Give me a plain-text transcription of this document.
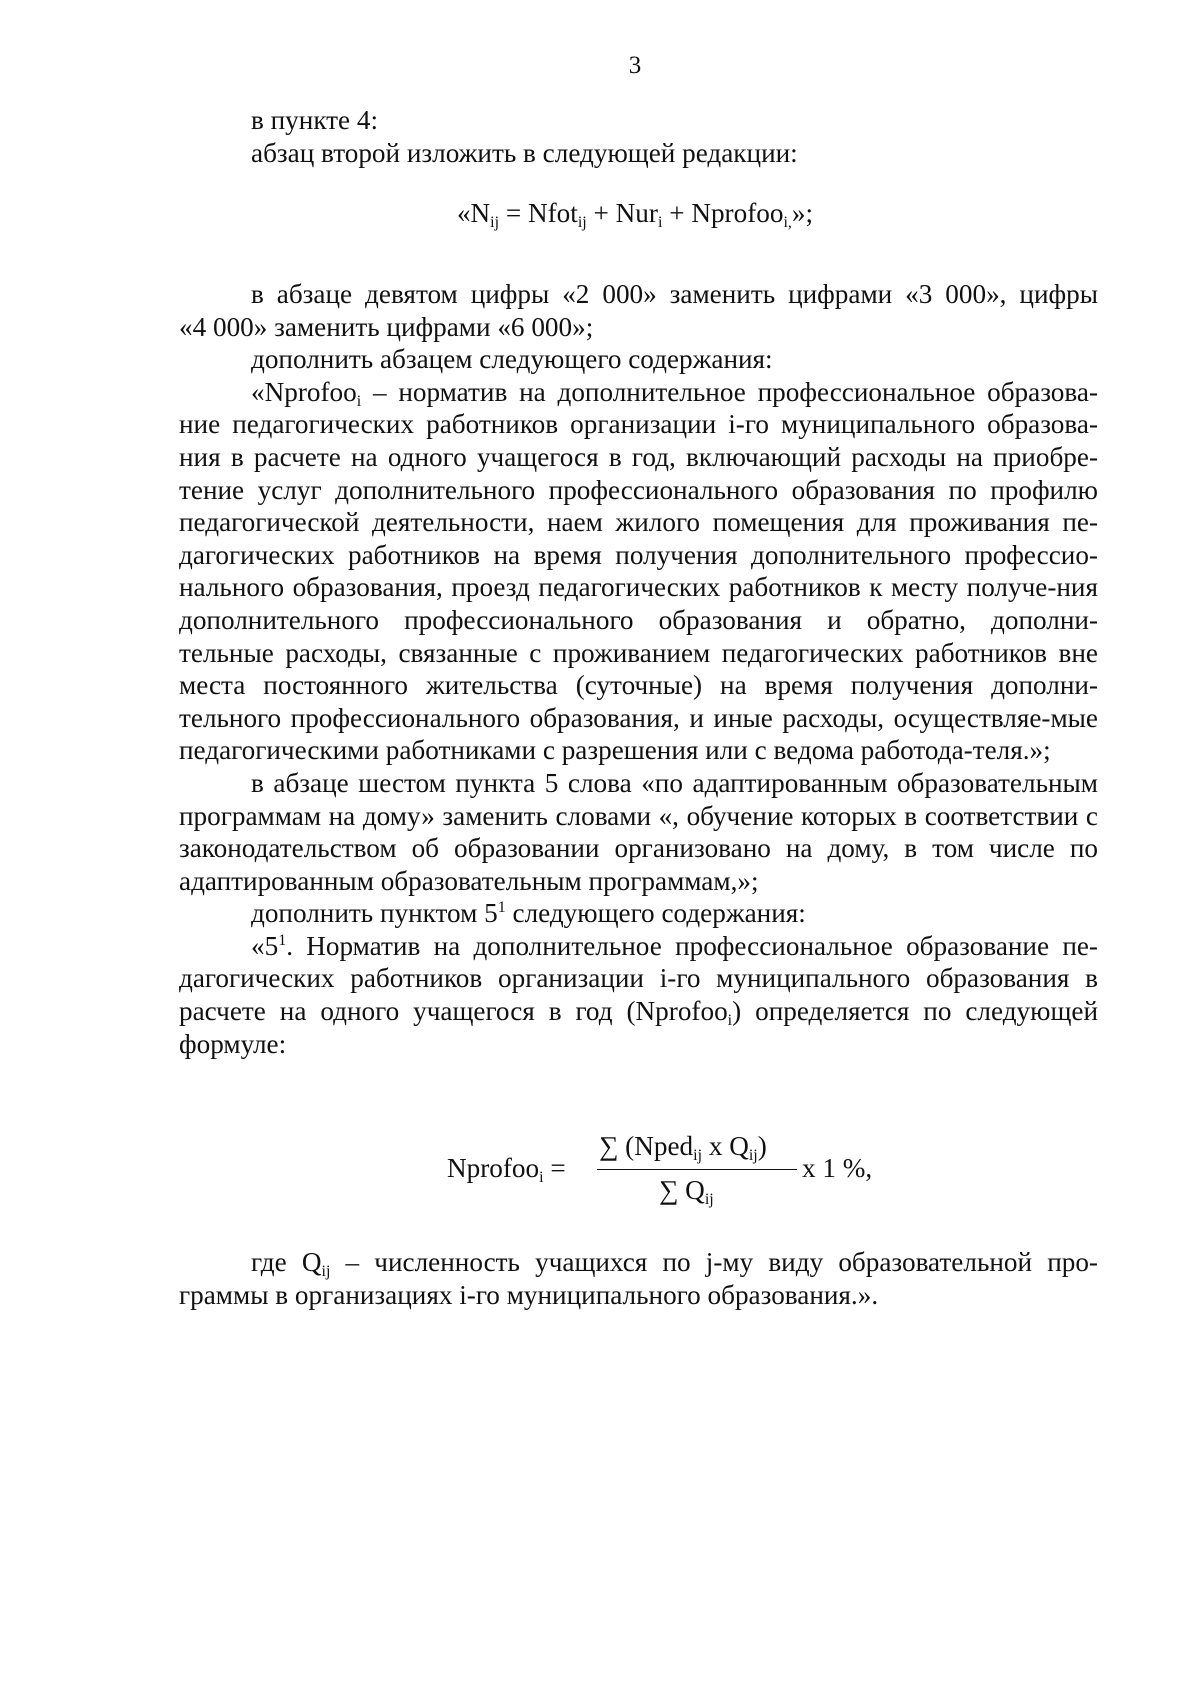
3

в пункте 4:

абзац второй изложить в следующей редакции:

«$N_{ij}$ = Nfot$_{ij}$ + Nur$_i$ + Nprofoo$_{i,}$»;

в абзаце девятом цифры «2 000» заменить цифрами «3 000», цифры

«4 000» заменить цифрами «6 000»;

дополнить абзацем следующего содержания:

«Nprofoo$_i$ – норматив на дополнительное профессиональное образова-ние педагогических работников организации i-го муниципального образова-ния в расчете на одного учащегося в год, включающий расходы на приобре-тение услуг дополнительного профессионального образования по профилю педагогической деятельности, наем жилого помещения для проживания пе-дагогических работников на время получения дополнительного профессио-нального образования, проезд педагогических работников к месту получе-ния дополнительного профессионального образования и обратно, дополни-тельные расходы, связанные с проживанием педагогических работников вне места постоянного жительства (суточные) на время получения дополни-тельного профессионального образования, и иные расходы, осуществляе-мые педагогическими работниками с разрешения или с ведома работода-теля.»;

в абзаце шестом пункта 5 слова «по адаптированным образовательным программам на дому» заменить словами «, обучение которых в соответствии с законодательством об образовании организовано на дому, в том числе по адаптированным образовательным программам,»;

дополнить пунктом $5^1$ следующего содержания:

«$5^1$. Норматив на дополнительное профессиональное образование пе-дагогических работников организации i-го муниципального образования в расчете на одного учащегося в год (Nprofoo$_i$) определяется по следующей формуле:

Nprofoo$_i$ =
∑ (Nped$_{ij}$ x $Q_{ij}$)
∑ $Q_{ij}$
x 1 %,

где $Q_{ij}$ – численность учащихся по j-му виду образовательной про-граммы в организациях i-го муниципального образования.».
